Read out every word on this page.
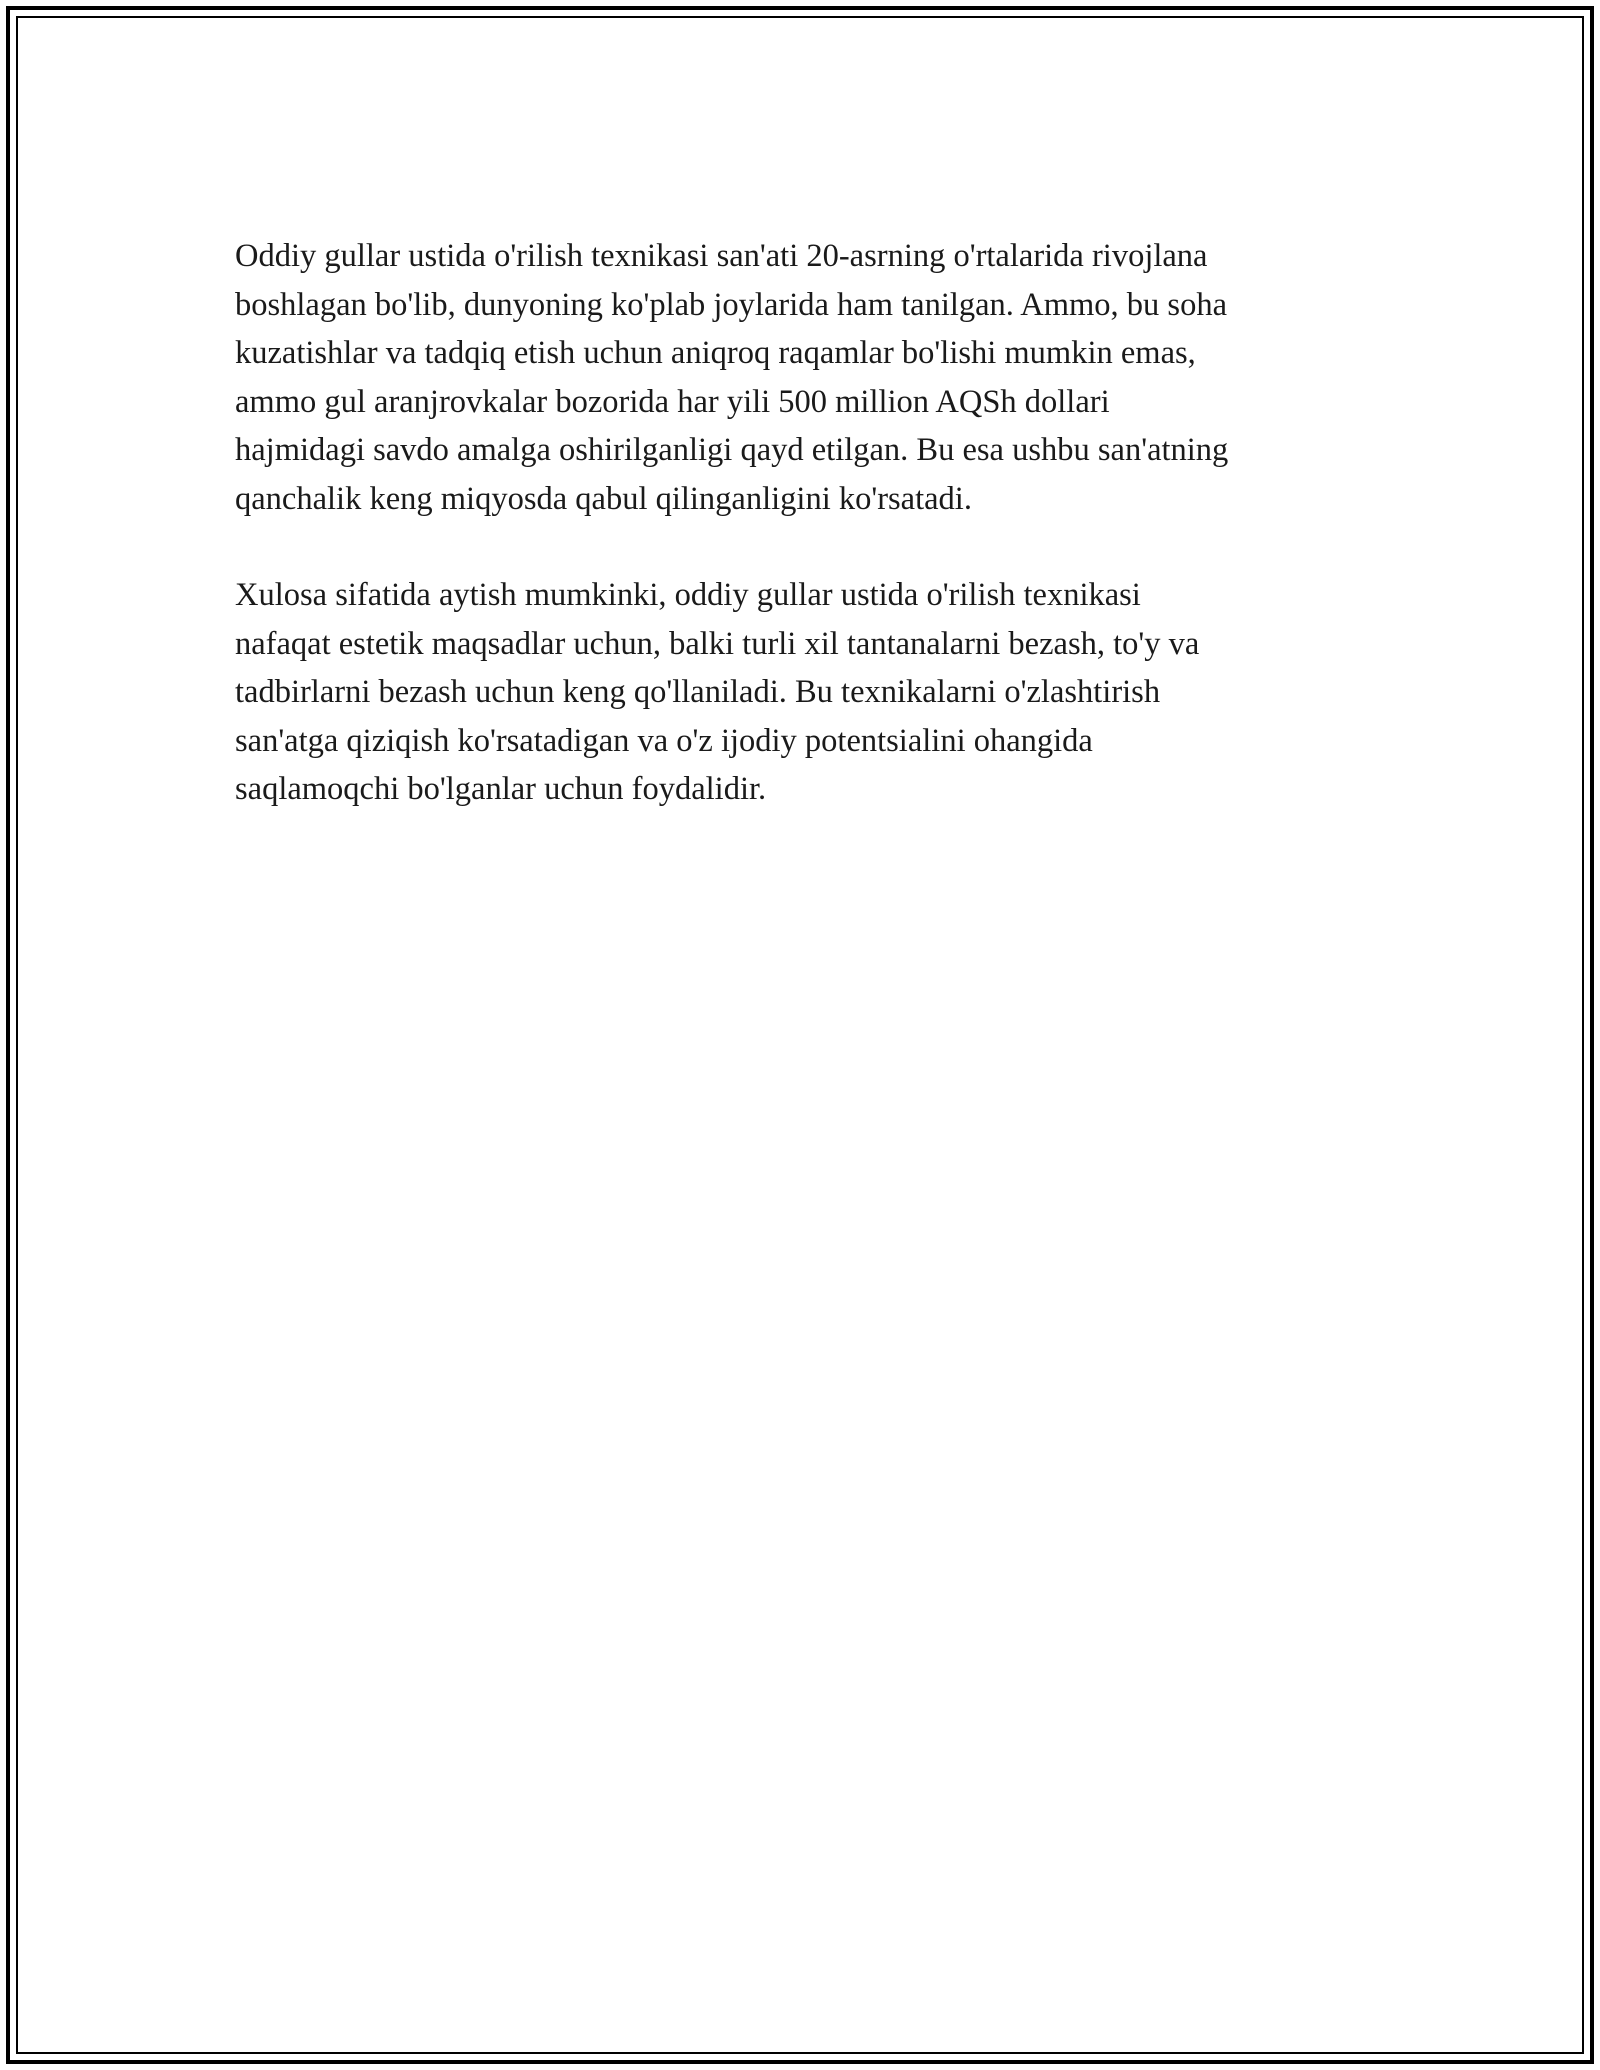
Oddiy gullar ustida o'rilish texnikasi san'ati 20-asrning o'rtalarida rivojlana
boshlagan bo'lib, dunyoning ko'plab joylarida ham tanilgan. Ammo, bu soha
kuzatishlar va tadqiq etish uchun aniqroq raqamlar bo'lishi mumkin emas,
ammo gul aranjrovkalar bozorida har yili 500 million AQSh dollari
hajmidagi savdo amalga oshirilganligi qayd etilgan. Bu esa ushbu san'atning
qanchalik keng miqyosda qabul qilinganligini ko'rsatadi.

Xulosa sifatida aytish mumkinki, oddiy gullar ustida o'rilish texnikasi
nafaqat estetik maqsadlar uchun, balki turli xil tantanalarni bezash, to'y va
tadbirlarni bezash uchun keng qo'llaniladi. Bu texnikalarni o'zlashtirish
san'atga qiziqish ko'rsatadigan va o'z ijodiy potentsialini ohangida
saqlamoqchi bo'lganlar uchun foydalidir.
